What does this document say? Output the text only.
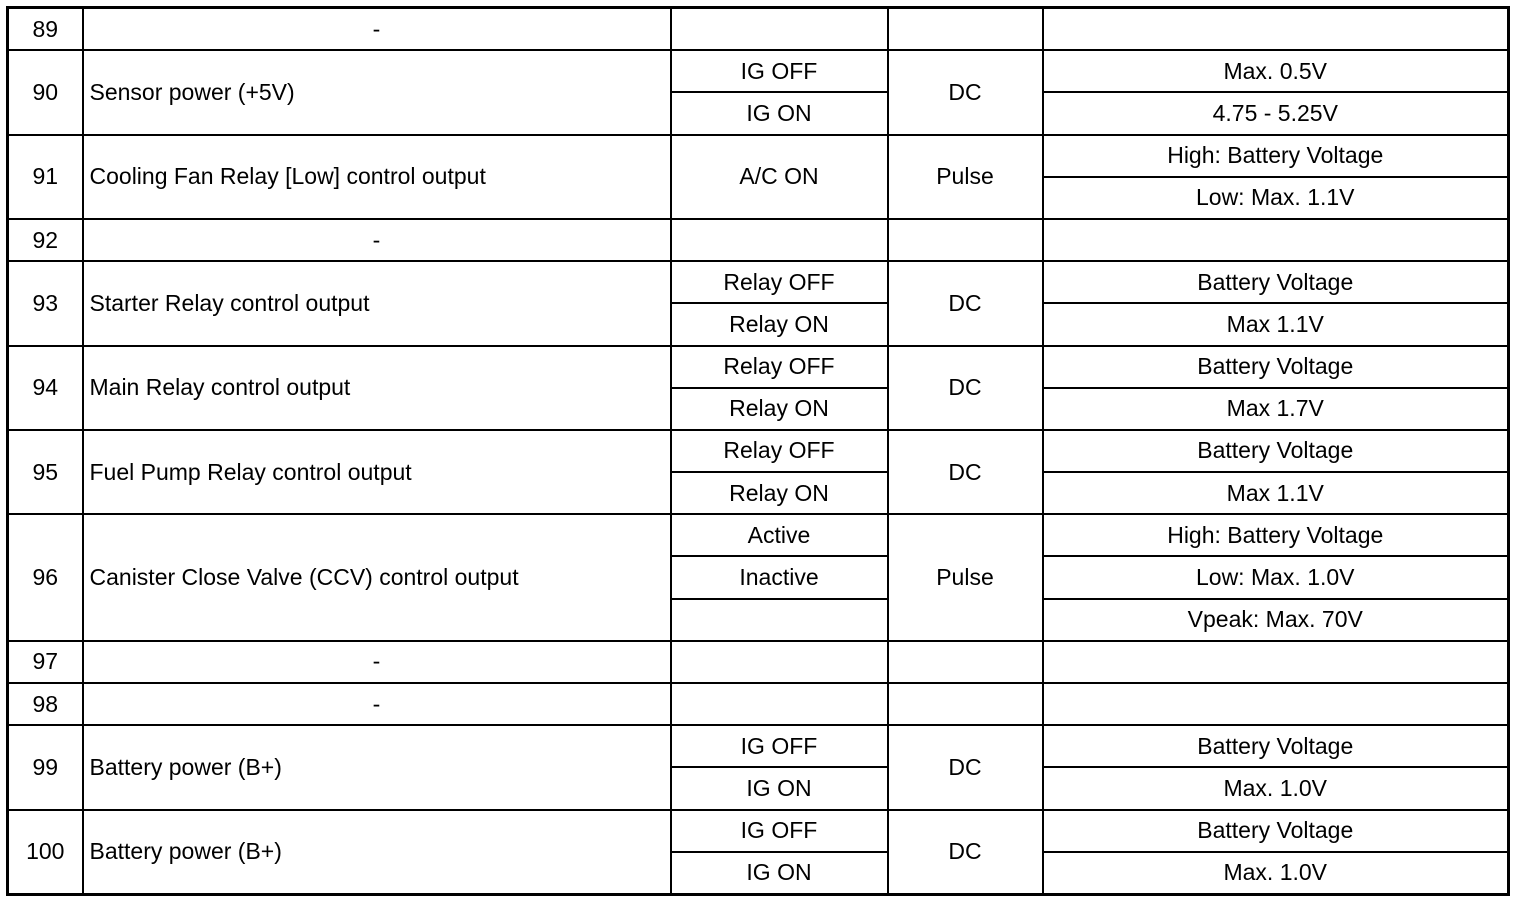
89	-			
90	Sensor power (+5V)	IG OFF	DC	Max. 0.5V
		IG ON		4.75 - 5.25V
91	Cooling Fan Relay [Low] control output	A/C ON	Pulse	High: Battery Voltage
				Low: Max. 1.1V
92	-			
93	Starter Relay control output	Relay OFF	DC	Battery Voltage
		Relay ON		Max 1.1V
94	Main Relay control output	Relay OFF	DC	Battery Voltage
		Relay ON		Max 1.7V
95	Fuel Pump Relay control output	Relay OFF	DC	Battery Voltage
		Relay ON		Max 1.1V
96	Canister Close Valve (CCV) control output	Active	Pulse	High: Battery Voltage
		Inactive		Low: Max. 1.0V
				Vpeak: Max. 70V
97	-			
98	-			
99	Battery power (B+)	IG OFF	DC	Battery Voltage
		IG ON		Max. 1.0V
100	Battery power (B+)	IG OFF	DC	Battery Voltage
		IG ON		Max. 1.0V
